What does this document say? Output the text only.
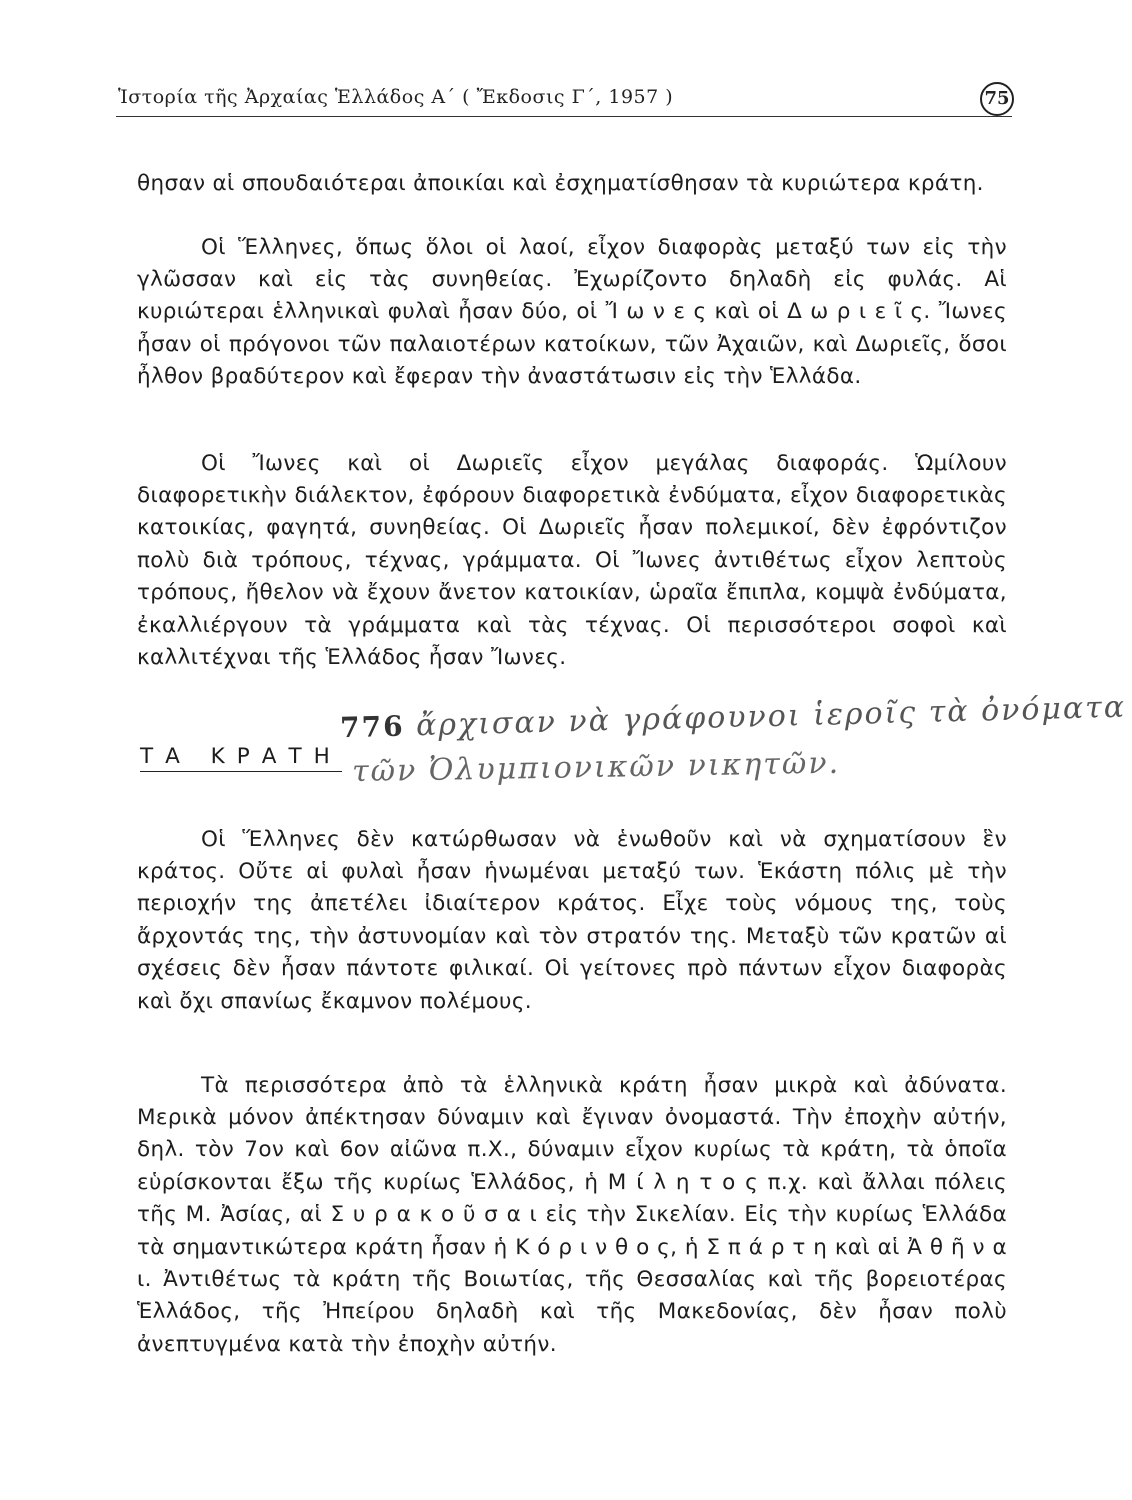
Ἱστορία τῆς Ἀρχαίας Ἑλλάδος Α΄ ( Ἔκδοσις Γ΄, 1957 )	75

θησαν αἱ σπουδαιότεραι ἀποικίαι καὶ ἐσχηματίσθησαν τὰ κυριώτερα κράτη.

Οἱ Ἕλληνες, ὅπως ὅλοι οἱ λαοί, εἶχον διαφορὰς μεταξύ των εἰς τὴν γλῶσσαν καὶ εἰς τὰς συνηθείας. Ἐχωρίζοντο δηλαδὴ εἰς φυλάς. Αἱ κυριώτεραι ἑλληνικαὶ φυλαὶ ἦσαν δύο, οἱ Ἴ ω ν ε ς καὶ οἱ Δ ω ρ ι ε ῖ ς. Ἴωνες ἦσαν οἱ πρόγονοι τῶν παλαιοτέρων κατοίκων, τῶν Ἀχαιῶν, καὶ Δωριεῖς, ὅσοι ἦλθον βραδύτερον καὶ ἔφεραν τὴν ἀναστάτωσιν εἰς τὴν Ἑλλάδα.

Οἱ Ἴωνες καὶ οἱ Δωριεῖς εἶχον μεγάλας διαφοράς. Ὡμίλουν διαφορετικὴν διάλεκτον, ἐφόρουν διαφορετικὰ ἐνδύματα, εἶχον διαφορετικὰς κατοικίας, φαγητά, συνηθείας. Οἱ Δωριεῖς ἦσαν πολεμικοί, δὲν ἐφρόντιζον πολὺ διὰ τρόπους, τέχνας, γράμματα. Οἱ Ἴωνες ἀντιθέτως εἶχον λεπτοὺς τρόπους, ἤθελον νὰ ἔχουν ἄνετον κατοικίαν, ὡραῖα ἔπιπλα, κομψὰ ἐνδύματα, ἐκαλλιέργουν τὰ γράμματα καὶ τὰς τέχνας. Οἱ περισσότεροι σοφοὶ καὶ καλλιτέχναι τῆς Ἑλλάδος ἦσαν Ἴωνες.

ΤΑ ΚΡΑΤΗ
776 ἄρχισαν νὰ γράφουνοι ἱεροῖς τὰ ὀνόματα
τῶν Ὀλυμπιονικῶν νικητῶν.

Οἱ Ἕλληνες δὲν κατώρθωσαν νὰ ἑνωθοῦν καὶ νὰ σχηματίσουν ἓν κράτος. Οὔτε αἱ φυλαὶ ἦσαν ἡνωμέναι μεταξύ των. Ἑκάστη πόλις μὲ τὴν περιοχήν της ἀπετέλει ἰδιαίτερον κράτος. Εἶχε τοὺς νόμους της, τοὺς ἄρχοντάς της, τὴν ἀστυνομίαν καὶ τὸν στρατόν της. Μεταξὺ τῶν κρατῶν αἱ σχέσεις δὲν ἦσαν πάντοτε φιλικαί. Οἱ γείτονες πρὸ πάντων εἶχον διαφορὰς καὶ ὄχι σπανίως ἔκαμνον πολέμους.

Τὰ περισσότερα ἀπὸ τὰ ἑλληνικὰ κράτη ἦσαν μικρὰ καὶ ἀδύνατα. Μερικὰ μόνον ἀπέκτησαν δύναμιν καὶ ἔγιναν ὀνομαστά. Τὴν ἐποχὴν αὐτήν, δηλ. τὸν 7ον καὶ 6ον αἰῶνα π.Χ., δύναμιν εἶχον κυρίως τὰ κράτη, τὰ ὁποῖα εὑρίσκονται ἔξω τῆς κυρίως Ἑλλάδος, ἡ Μ ί λ η τ ο ς π.χ. καὶ ἄλλαι πόλεις τῆς Μ. Ἀσίας, αἱ Σ υ ρ α κ ο ῦ σ α ι εἰς τὴν Σικελίαν. Εἰς τὴν κυρίως Ἑλλάδα τὰ σημαντικώτερα κράτη ἦσαν ἡ Κ ό ρ ι ν θ ο ς, ἡ Σ π ά ρ τ η καὶ αἱ Ἀ θ ῆ ν α ι. Ἀντιθέτως τὰ κράτη τῆς Βοιωτίας, τῆς Θεσσαλίας καὶ τῆς βορειοτέρας Ἑλλάδος, τῆς Ἠπείρου δηλαδὴ καὶ τῆς Μακεδονίας, δὲν ἦσαν πολὺ ἀνεπτυγμένα κατὰ τὴν ἐποχὴν αὐτήν.
